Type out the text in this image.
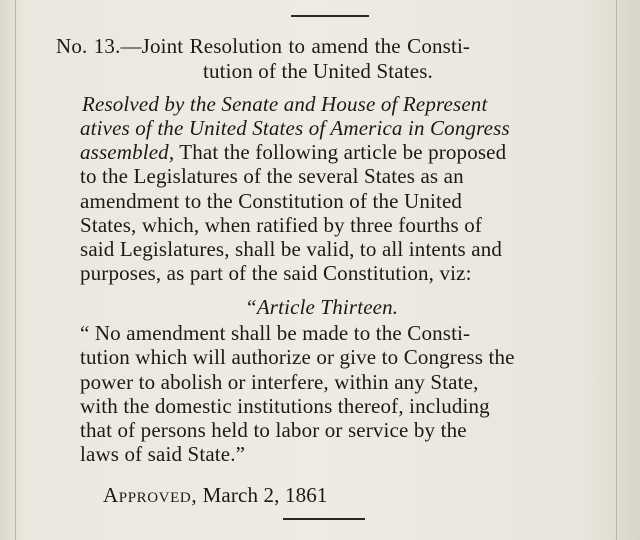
No. 13.—Joint Resolution to amend the Consti-
tution of the United States.
Resolved by the Senate and House of Represent
atives of the United States of America in Congress
assembled, That the following article be proposed
to the Legislatures of the several States as an
amendment to the Constitution of the United
States, which, when ratified by three fourths of
said Legislatures, shall be valid, to all intents and
purposes, as part of the said Constitution, viz:
“Article Thirteen.
“ No amendment shall be made to the Consti-
tution which will authorize or give to Congress the
power to abolish or interfere, within any State,
with the domestic institutions thereof, including
that of persons held to labor or service by the
laws of said State.”
Approved, March 2, 1861
